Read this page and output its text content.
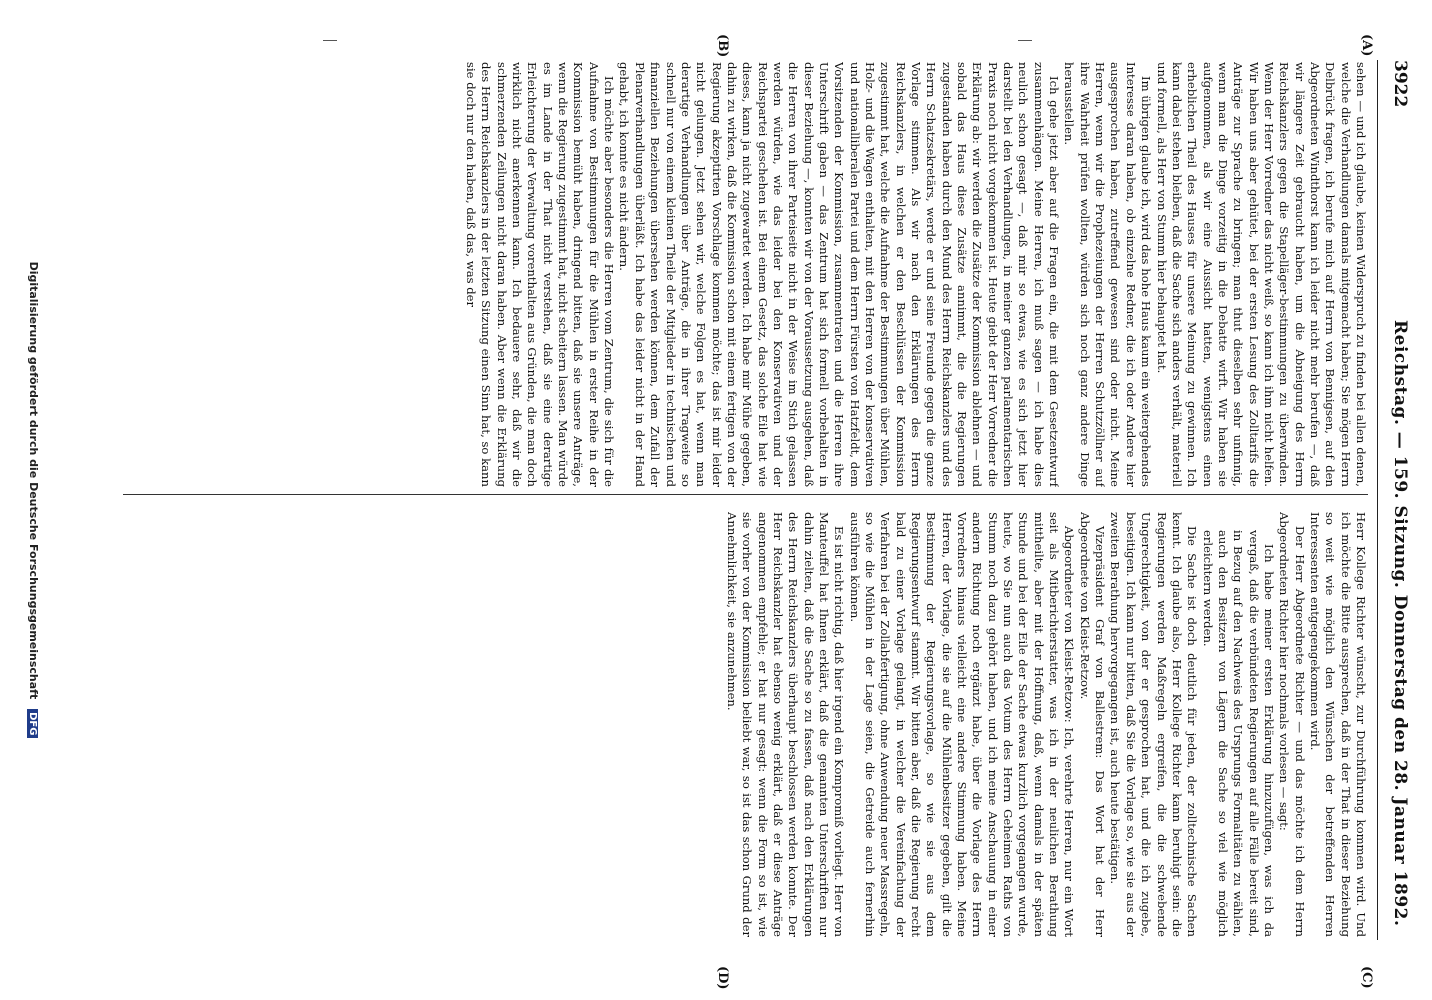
3922
Reichstag. — 159. Sitzung. Donnerstag den 28. Januar 1892.
(A)
(B)
(C)
(D)

sehen — und ich glaube, keinen Widerspruch zu finden bei allen denen, welche die Verhandlungen damals mitgemacht haben; Sie mögen Herrn Delbrück fragen, ich berufe mich auf Herrn von Bennigsen, auf den Abgeordneten Windthorst kann ich leider nicht mehr berufen —, daß wir längere Zeit gebraucht haben, um die Abneigung des Herrn Reichskanzlers gegen die Stapelläger-bestimmungen zu überwinden. Wenn der Herr Vorredner das nicht weiß, so kann ich ihm nicht helfen. Wir haben uns aber gehütet, bei der ersten Lesung des Zolltarifs die Anträge zur Sprache zu bringen; man thut dieselben sehr unfinnig, wenn man die Dinge vorzeitig in die Debatte wirft. Wir haben sie aufgenommen, als wir eine Aussicht hatten, wenigstens einen erheblichen Theil des Hauses für unsere Meinung zu gewinnen. Ich kann dabei stehen bleiben, daß die Sache sich anders verhält, materiell und formell, als Herr von Stumm hier behauptet hat.

Im übrigen glaube ich, wird das hohe Haus kaum ein weitergehendes Interesse daran haben, ob einzelne Redner, die ich oder Andere hier ausgesprochen haben, zutreffend gewesen sind oder nicht. Meine Herren, wenn wir die Prophezeiungen der Herren Schutzzöllner auf ihre Wahrheit prüfen wollten, würden sich noch ganz andere Dinge herausstellen.

Ich gehe jetzt aber auf die Fragen ein, die mit dem Gesetzentwurf zusammenhängen. Meine Herren, ich muß sagen — ich habe dies neulich schon gesagt —, daß mir so etwas, wie es sich jetzt hier darstellt bei den Verhandlungen, in meiner ganzen parlamentarischen Praxis noch nicht vorgekommen ist. Heute giebt der Herr Vorredner die Erklärung ab: wir werden die Zusätze der Kommission ablehnen — und sobald das Haus diese Zusätze annimmt, die die Regierungen zugestanden haben durch den Mund des Herrn Reichskanzlers und des Herrn Schatzsekretärs, werde er und seine Freunde gegen die ganze Vorlage stimmen. Als wir nach den Erklärungen des Herrn Reichskanzlers, in welchen er den Beschlüssen der Kommission zugestimmt hat, welche die Aufnahme der Bestimmungen über Mühlen, Holz- und die Wagen enthalten, mit den Herren von der konservativen und nationalliberalen Partei und dem Herrn Fürsten von Hatzfeldt, dem Vorsitzenden der Kommission, zusammentraten und die Herren ihre Unterschrift gaben — das Zentrum hat sich formell vorbehalten in dieser Beziehung —, konnten wir von der Voraussetzung ausgehen, daß die Herren von ihrer Parteiseite nicht in der Weise im Stich gelassen werden würden, wie das leider bei den Konservativen und der Reichspartei geschehen ist. Bei einem Gesetz, das solche Eile hat wie dieses, kann ja nicht zugewartet werden. Ich habe mir Mühe gegeben, dahin zu wirken, daß die Kommission schon mit einem fertigen von der Regierung akzeptirten Vorschlage kommen möchte; das ist mir leider nicht gelungen. Jetzt sehen wir, welche Folgen es hat, wenn man derartige Verhandlungen über Anträge, die in ihrer Tragweite so schnell nur von einem kleinen Theile der Mitglieder in technischen und finanziellen Beziehungen übersehen werden können, dem Zufall der Plenarverhandlungen überläßt. Ich habe das leider nicht in der Hand gehabt, ich konnte es nicht ändern.

Ich möchte aber besonders die Herren vom Zentrum, die sich für die Aufnahme von Bestimmungen für die Mühlen in erster Reihe in der Kommission bemüht haben, dringend bitten, daß sie unsere Anträge, wenn die Regierung zugestimmt hat, nicht scheitern lassen. Man würde es im Lande in der That nicht verstehen, daß sie eine derartige Erleichterung der Verwaltung vorenthalten aus Gründen, die man doch wirklich nicht anerkennen kann. Ich bedauere sehr, daß wir die schmerzenden Zeilungen nicht daran haben. Aber wenn die Erklärung des Herrn Reichskanzlers in der letzten Sitzung einen Sinn hat, so kann sie doch nur den haben, daß das, was der

Herr Kollege Richter wünscht, zur Durchführung kommen wird. Und ich möchte die Bitte aussprechen, daß in der That in dieser Beziehung so weit wie möglich den Wünschen der betreffenden Herren Interessenten entgegengekommen wird.

Der Herr Abgeordnete Richter — und das möchte ich dem Herrn Abgeordneten Richter hier nochmals vorlesen — sagt:

Ich habe meiner ersten Erklärung hinzuzufügen, was ich da vergaß, daß die verbündeten Regierungen auf alle Fälle bereit sind, in Bezug auf den Nachweis des Ursprungs Formalitäten zu wählen, auch den Besitzern von Lägern die Sache so viel wie möglich erleichtern werden.

Die Sache ist doch deutlich für jeden, der zolltechnische Sachen kennt. Ich glaube also, Herr Kollege Richter kann beruhigt sein: die Regierungen werden Maßregeln ergreifen, die die schwebende Ungerechtigkeit, von der er gesprochen hat, und die ich zugebe, beseitigen. Ich kann nur bitten, daß Sie die Vorlage so, wie sie aus der zweiten Berathung hervorgegangen ist, auch heute bestätigen.

Vizepräsident Graf von Ballestrem: Das Wort hat der Herr Abgeordnete von Kleist-Retzow.

Abgeordneter von Kleist-Retzow: Ich, verehrte Herren, nur ein Wort seit als Mitberichterstatter, was ich in der neulichen Berathung mittheilte, aber mit der Hoffnung, daß, wenn damals in der späten Stunde und bei der Eile der Sache etwas kurzlich vorgegangen wurde, heute, wo Sie nun auch das Votum des Herrn Geheimen Raths von Stumm noch dazu gehört haben, und ich meine Anschauung in einer andern Richtung noch ergänzt habe, über die Vorlage des Herrn Vorredners hinaus vielleicht eine andere Stimmung haben. Meine Herren, der Vorlage, die sie auf die Mühlenbesitzer gegeben, gilt die Bestimmung der Regierungsvorlage, so wie sie aus dem Regierungsentwurf stammt. Wir bitten aber, daß die Regierung recht bald zu einer Vorlage gelangt, in welcher die Vereinfachung der Verfahren bei der Zollabfertigung, ohne Anwendung neuer Massregeln, so wie die Mühlen in der Lage seien, die Getreide auch fernerhin ausführen können.

Es ist nicht richtig, daß hier irgend ein Kompromiß vorliegt. Herr von Manteuffel hat Ihnen erklärt, daß die genannten Unterschriften nur dahin zielten, daß die Sache so zu fassen, daß nach den Erklärungen des Herrn Reichskanzlers überhaupt beschlossen werden konnte. Der Herr Reichskanzler hat ebenso wenig erklärt, daß er diese Anträge angenommen empfehle; er hat nur gesagt: wenn die Form so ist, wie sie vorher von der Kommission beliebt war, so ist das schon Grund der Annehmlichkeit, sie anzunehmen.

Digitalisierung gefördert durch die Deutsche Forschungsgemeinschaft DFG
